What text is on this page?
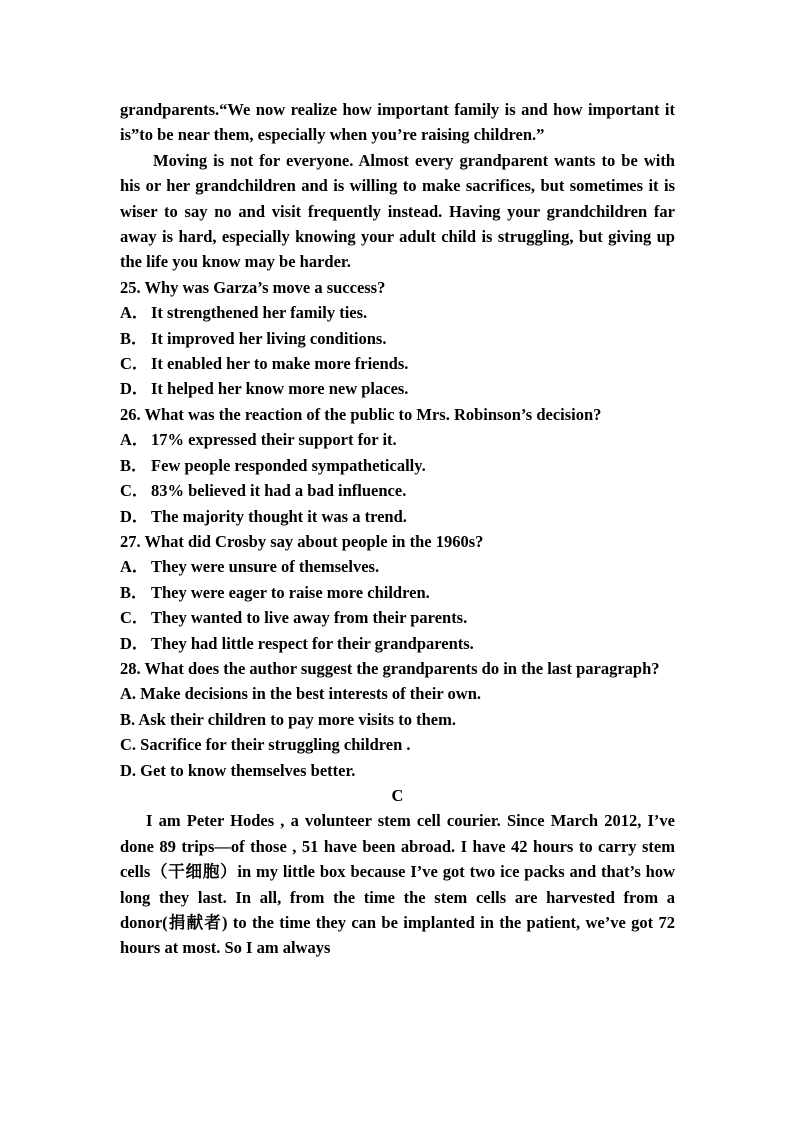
grandparents.“We now realize how important family is and how important it is”to be near them, especially when you’re raising children.”

Moving is not for everyone. Almost every grandparent wants to be with his or her grandchildren and is willing to make sacrifices, but sometimes it is wiser to say no and visit frequently instead. Having your grandchildren far away is hard, especially knowing your adult child is struggling, but giving up the life you know may be harder.

25. Why was Garza’s move a success?

A． It strengthened her family ties.

B． It improved her living conditions.

C． It enabled her to make more friends.

D． It helped her know more new places.

26. What was the reaction of the public to Mrs. Robinson’s decision?

A． 17% expressed their support for it.

B． Few people responded sympathetically.

C． 83% believed it had a bad influence.

D． The majority thought it was a trend.

27. What did Crosby say about people in the 1960s?

A． They were unsure of themselves.

B． They were eager to raise more children.

C． They wanted to live away from their parents.

D． They had little respect for their grandparents.

28. What does the author suggest the grandparents do in the last paragraph?

A. Make decisions in the best interests of their own.

B. Ask their children to pay more visits to them.

C. Sacrifice for their struggling children .

D. Get to know themselves better.

C

I am Peter Hodes , a volunteer stem cell courier. Since March 2012, I’ve done 89 trips—of those , 51 have been abroad. I have 42 hours to carry stem cells（干细胞）in my little box because I’ve got two ice packs and that’s how long they last. In all, from the time the stem cells are harvested from a donor(捐献者) to the time they can be implanted in the patient, we’ve got 72 hours at most. So I am always
